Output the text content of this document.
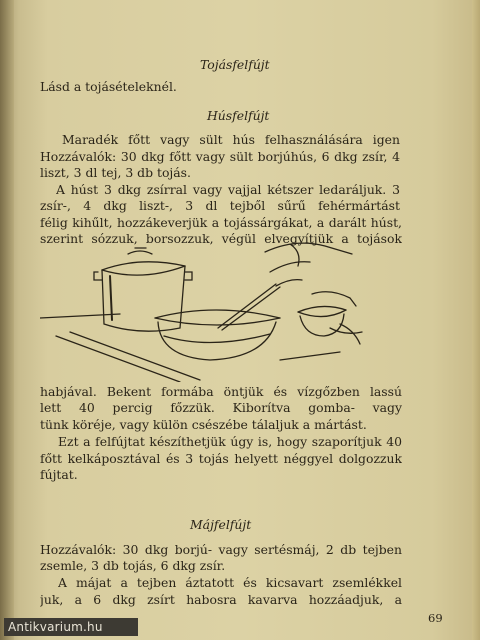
Tojásfelfújt
Lásd a tojásételeknél.
Húsfelfújt
Maradék főtt vagy sült hús felhasználására igen
Hozzávalók: 30 dkg főtt vagy sült borjúhús, 6 dkg zsír, 4
liszt, 3 dl tej, 3 db tojás.
A húst 3 dkg zsírral vagy vajjal kétszer ledaráljuk. 3
zsír-, 4 dkg liszt-, 3 dl tejből sűrű fehérmártást
félig kihűlt, hozzákeverjük a tojássárgákat, a darált húst,
szerint sózzuk, borsozzuk, végül elvegyítjük a tojások
habjával. Bekent formába öntjük és vízgőzben lassú
lett 40 percig főzzük. Kiborítva gomba- vagy
tünk köréje, vagy külön csészébe tálaljuk a mártást.
Ezt a felfújtat készíthetjük úgy is, hogy szaporítjuk 40
főtt kelkáposztával és 3 tojás helyett néggyel dolgozzuk
fújtat.
Májfelfújt
Hozzávalók: 30 dkg borjú- vagy sertésmáj, 2 db tejben
zsemle, 3 db tojás, 6 dkg zsír.
A májat a tejben áztatott és kicsavart zsemlékkel
juk, a 6 dkg zsírt habosra kavarva hozzáadjuk, a
69
Antikvarium.hu
